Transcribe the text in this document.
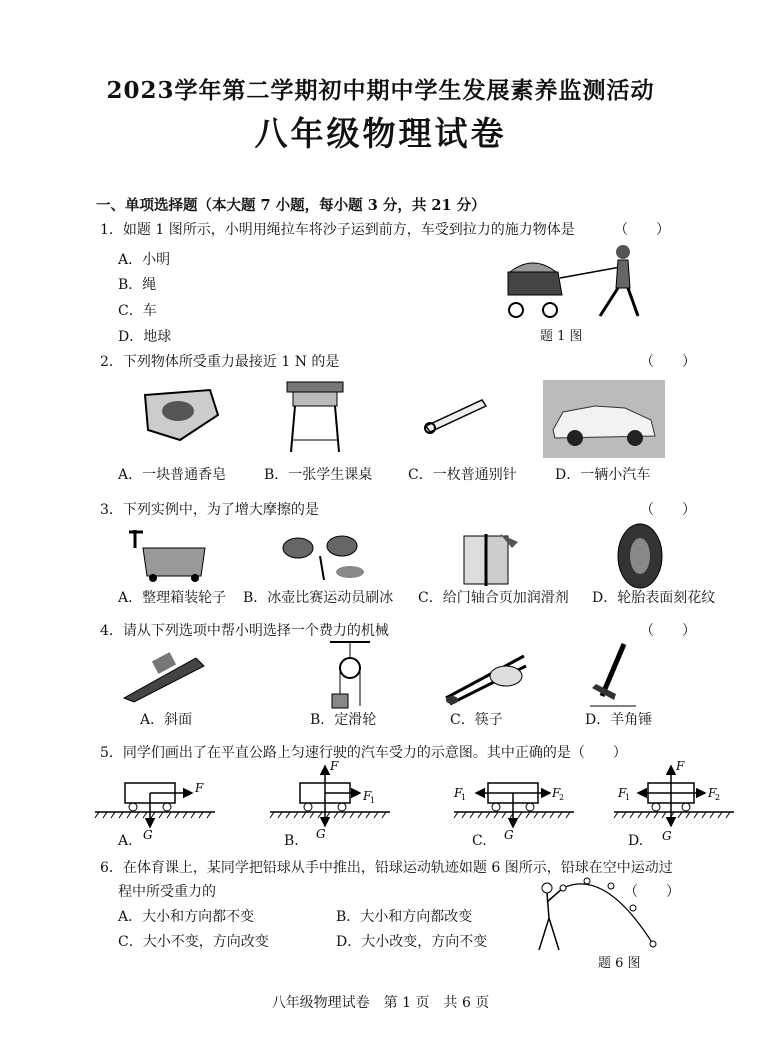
2023学年第二学期初中期中学生发展素养监测活动
八年级物理试卷
一、单项选择题（本大题 7 小题，每小题 3 分，共 21 分）
1．如题 1 图所示，小明用绳拉车将沙子运到前方，车受到拉力的施力物体是	（　　）
A．小明
B．绳
C．车
D．地球	题 1 图
2．下列物体所受重力最接近 1 N 的是	（　　）
A．一块普通香皂	B．一张学生课桌	C．一枚普通别针	D．一辆小汽车
3．下列实例中，为了增大摩擦的是	（　　）
A．整理箱装轮子 B．冰壶比赛运动员刷冰 C．给门轴合页加润滑剂 D．轮胎表面刻花纹
4．请从下列选项中帮小明选择一个费力的机械	（　　）
A．斜面	B．定滑轮	C．筷子	D．羊角锤
5．同学们画出了在平直公路上匀速行驶的汽车受力的示意图。其中正确的是（　　）
F
G
A.
F
F
1
G
B.
F
1	F
2
G
C.
F
F
1	F
2
G
D.
6．在体育课上，某同学把铅球从手中推出，铅球运动轨迹如题 6 图所示，铅球在空中运动过
程中所受重力的	（　　）
A．大小和方向都不变	B．大小和方向都改变
C．大小不变，方向改变	D．大小改变，方向不变
题 6 图
八年级物理试卷　第 1 页　共 6 页
